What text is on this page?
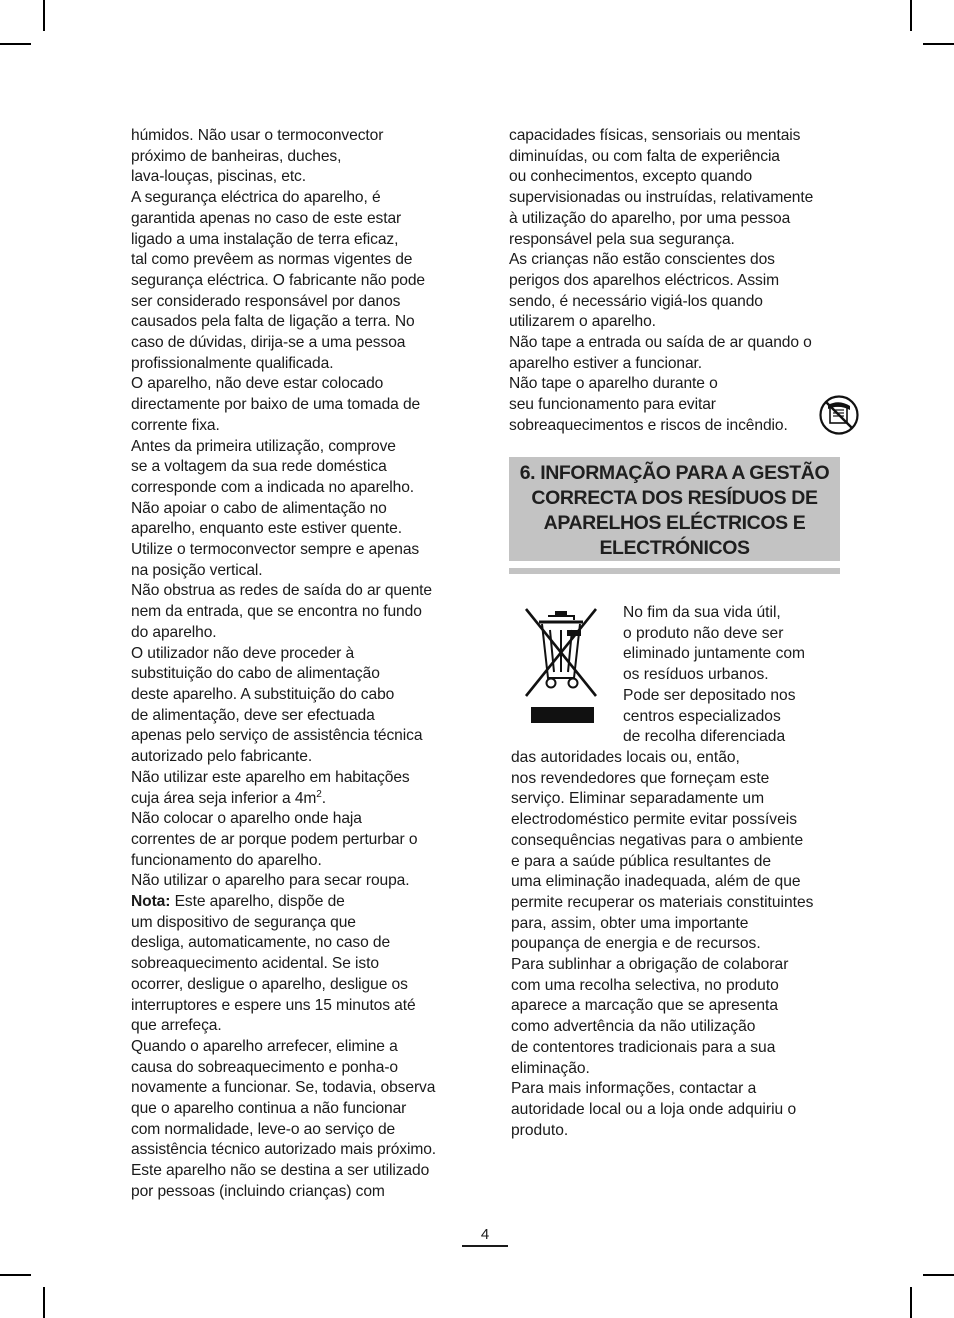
húmidos. Não usar o termoconvector
próximo de banheiras, duches,
lava-louças, piscinas, etc.
A segurança eléctrica do aparelho, é
garantida apenas no caso de este estar
ligado a uma instalação de terra eficaz,
tal como prevêem as normas vigentes de
segurança eléctrica. O fabricante não pode
ser considerado responsável por danos
causados pela falta de ligação a terra. No
caso de dúvidas, dirija-se a uma pessoa
profissionalmente qualificada.
O aparelho, não deve estar colocado
directamente por baixo de uma tomada de
corrente fixa.
Antes da primeira utilização, comprove
se a voltagem da sua rede doméstica
corresponde com a indicada no aparelho.
Não apoiar o cabo de alimentação no
aparelho, enquanto este estiver quente.
Utilize o termoconvector sempre e apenas
na posição vertical.
Não obstrua as redes de saída do ar quente
nem da entrada, que se encontra no fundo
do aparelho.
O utilizador não deve proceder à
substituição do cabo de alimentação
deste aparelho. A substituição do cabo
de alimentação, deve ser efectuada
apenas pelo serviço de assistência técnica
autorizado pelo fabricante.
Não utilizar este aparelho em habitações
cuja área seja inferior a $4m^2$.
Não colocar o aparelho onde haja
correntes de ar porque podem perturbar o
funcionamento do aparelho.
Não utilizar o aparelho para secar roupa.
Nota: Este aparelho, dispõe de
um dispositivo de segurança que
desliga, automaticamente, no caso de
sobreaquecimento acidental. Se isto
ocorrer, desligue o aparelho, desligue os
interruptores e espere uns 15 minutos até
que arrefeça.
Quando o aparelho arrefecer, elimine a
causa do sobreaquecimento e ponha-o
novamente a funcionar. Se, todavia, observa
que o aparelho continua a não funcionar
com normalidade, leve-o ao serviço de
assistência técnico autorizado mais próximo.
Este aparelho não se destina a ser utilizado
por pessoas (incluindo crianças) com
capacidades físicas, sensoriais ou mentais
diminuídas, ou com falta de experiência
ou conhecimentos, excepto quando
supervisionadas ou instruídas, relativamente
à utilização do aparelho, por uma pessoa
responsável pela sua segurança.
As crianças não estão conscientes dos
perigos dos aparelhos eléctricos. Assim
sendo, é necessário vigiá-los quando
utilizarem o aparelho.
Não tape a entrada ou saída de ar quando o
aparelho estiver a funcionar.
Não tape o aparelho durante o
seu funcionamento para evitar
sobreaquecimentos e riscos de incêndio.
6. INFORMAÇÃO PARA A GESTÃO
CORRECTA DOS RESÍDUOS DE
APARELHOS ELÉCTRICOS E
ELECTRÓNICOS
No fim da sua vida útil,
o produto não deve ser
eliminado juntamente com
os resíduos urbanos.
Pode ser depositado nos
centros especializados
de recolha diferenciada
das autoridades locais ou, então,
nos revendedores que forneçam este
serviço. Eliminar separadamente um
electrodoméstico permite evitar possíveis
consequências negativas para o ambiente
e para a saúde pública resultantes de
uma eliminação inadequada, além de que
permite recuperar os materiais constituintes
para, assim, obter uma importante
poupança de energia e de recursos.
Para sublinhar a obrigação de colaborar
com uma recolha selectiva, no produto
aparece a marcação que se apresenta
como advertência da não utilização
de contentores tradicionais para a sua
eliminação.
Para mais informações, contactar a
autoridade local ou a loja onde adquiriu o
produto.
4
